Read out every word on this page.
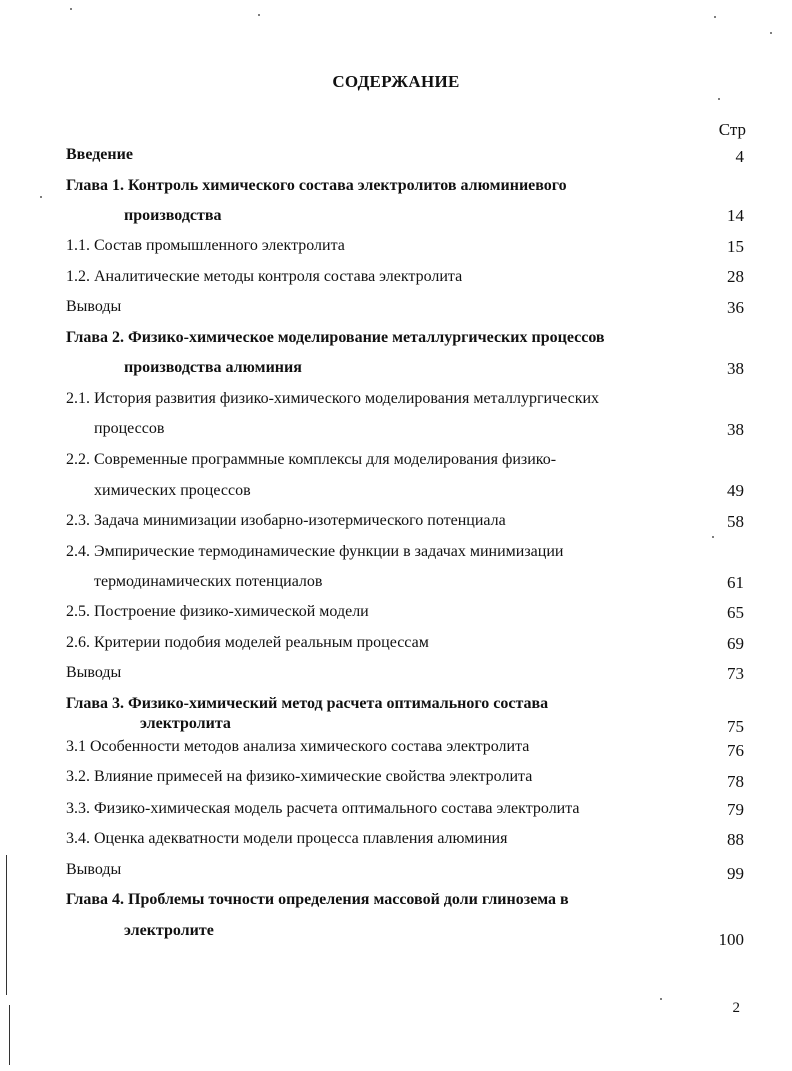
СОДЕРЖАНИЕ
Стр
Введение	4
Глава 1. Контроль химического состава электролитов алюминиевого
производства	14
1.1. Состав промышленного электролита	15
1.2. Аналитические методы контроля состава электролита	28
Выводы	36
Глава 2. Физико-химическое моделирование металлургических процессов
производства алюминия	38
2.1. История развития физико-химического моделирования металлургических
процессов	38
2.2. Современные программные комплексы для моделирования физико-
химических процессов	49
2.3. Задача минимизации изобарно-изотермического потенциала	58
2.4. Эмпирические термодинамические функции в задачах минимизации
термодинамических потенциалов	61
2.5. Построение физико-химической модели	65
2.6. Критерии подобия моделей реальным процессам	69
Выводы	73
Глава 3. Физико-химический метод расчета оптимального состава
электролита	75
3.1 Особенности методов анализа химического состава электролита	76
3.2. Влияние примесей на физико-химические свойства электролита	78
3.3. Физико-химическая модель расчета оптимального состава электролита	79
3.4. Оценка адекватности модели процесса плавления алюминия	88
Выводы	99
Глава 4. Проблемы точности определения массовой доли глинозема в
электролите	100
2
